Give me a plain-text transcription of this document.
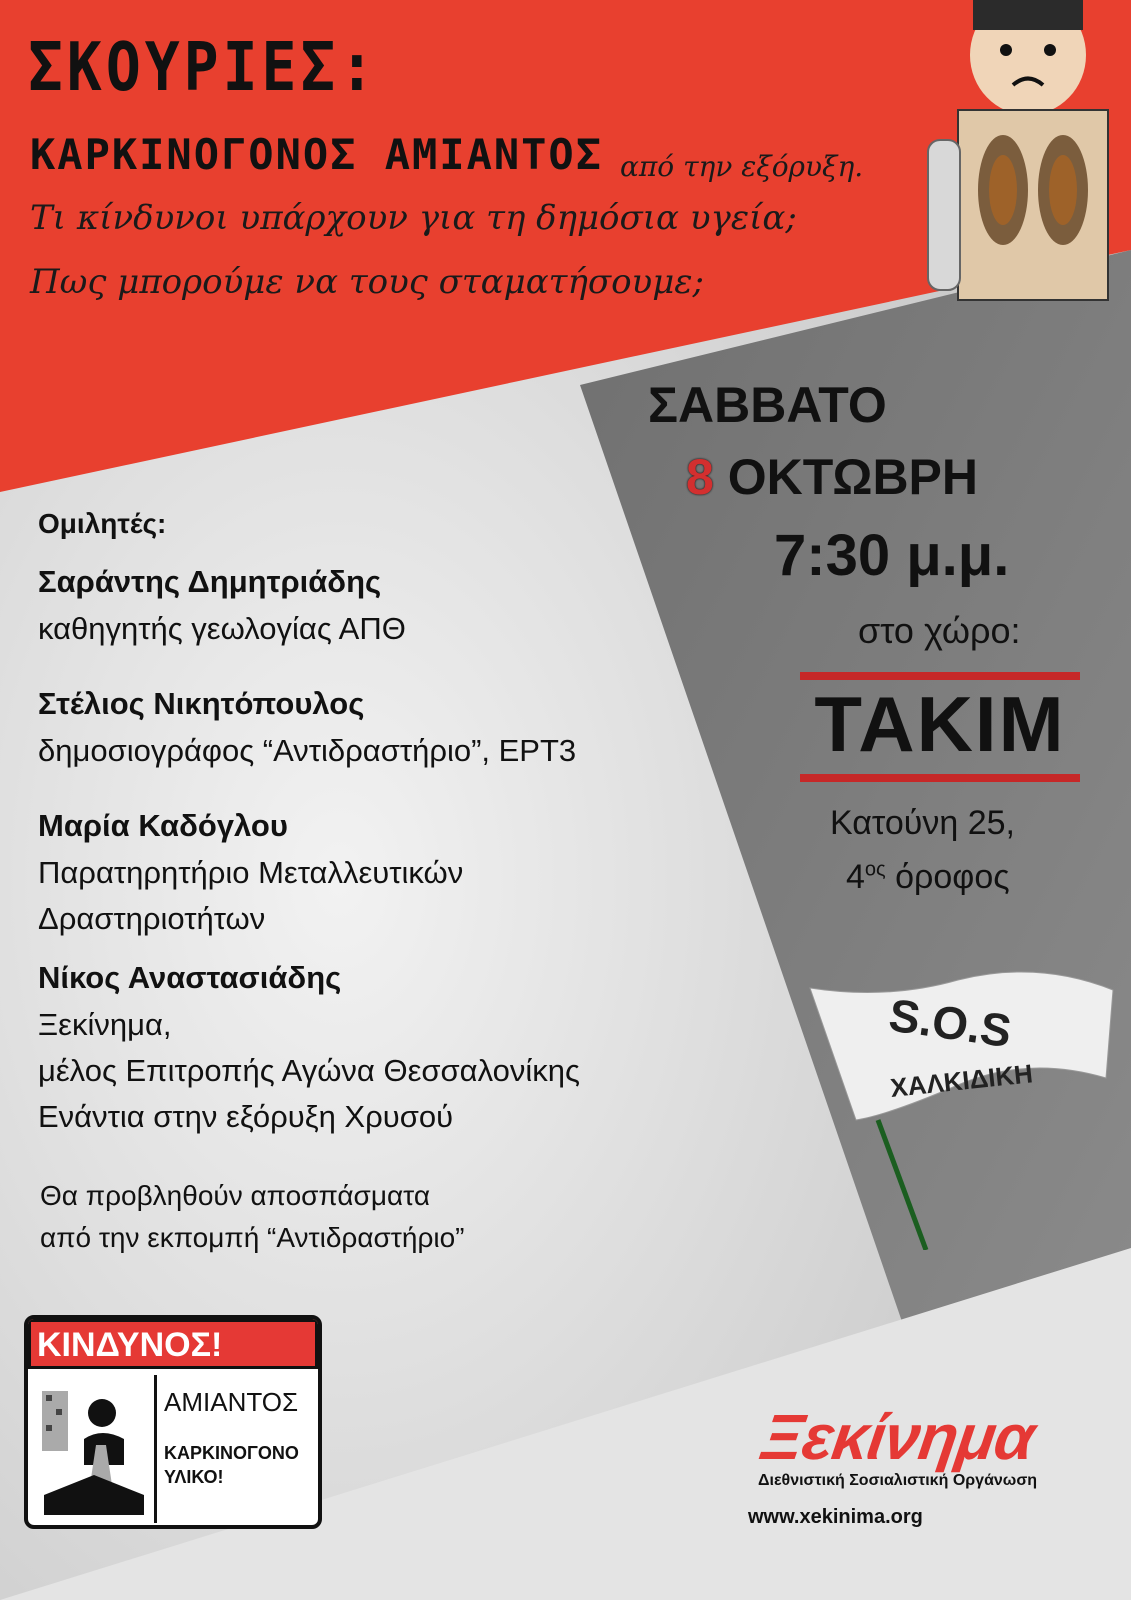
ΣΚΟΥΡΙΕΣ:
ΚΑΡΚΙΝΟΓΟΝΟΣ ΑΜΙΑΝΤΟΣ από την εξόρυξη.
Τι κίνδυνοι υπάρχουν για τη δημόσια υγεία;
Πως μπορούμε να τους σταματήσουμε;
ΣΑΒΒΑΤΟ
8 ΟΚΤΩΒΡΗ
7:30 μ.μ.
στο χώρο:
TAKIM
Κατούνη 25,
$4^{o\varsigma}$ όροφος
Ομιλητές:
Σαράντης Δημητριάδης
καθηγητής γεωλογίας ΑΠΘ
Στέλιος Νικητόπουλος
δημοσιογράφος “Αντιδραστήριο”, ΕΡΤ3
Μαρία Καδόγλου
Παρατηρητήριο Μεταλλευτικών
Δραστηριοτήτων
Νίκος Αναστασιάδης
Ξεκίνημα,
μέλος Επιτροπής Αγώνα Θεσσαλονίκης
Ενάντια στην εξόρυξη Χρυσού
Θα προβληθούν αποσπάσματα
από την εκπομπή “Αντιδραστήριο”
S.O.S
ΧΑΛΚΙΔΙΚΗ
ΚΙΝΔΥΝΟΣ!
ΑΜΙΑΝΤΟΣ
ΚΑΡΚΙΝΟΓΟΝΟ
ΥΛΙΚΟ!
Ξεκίνημα
Διεθνιστική Σοσιαλιστική Οργάνωση
www.xekinima.org
